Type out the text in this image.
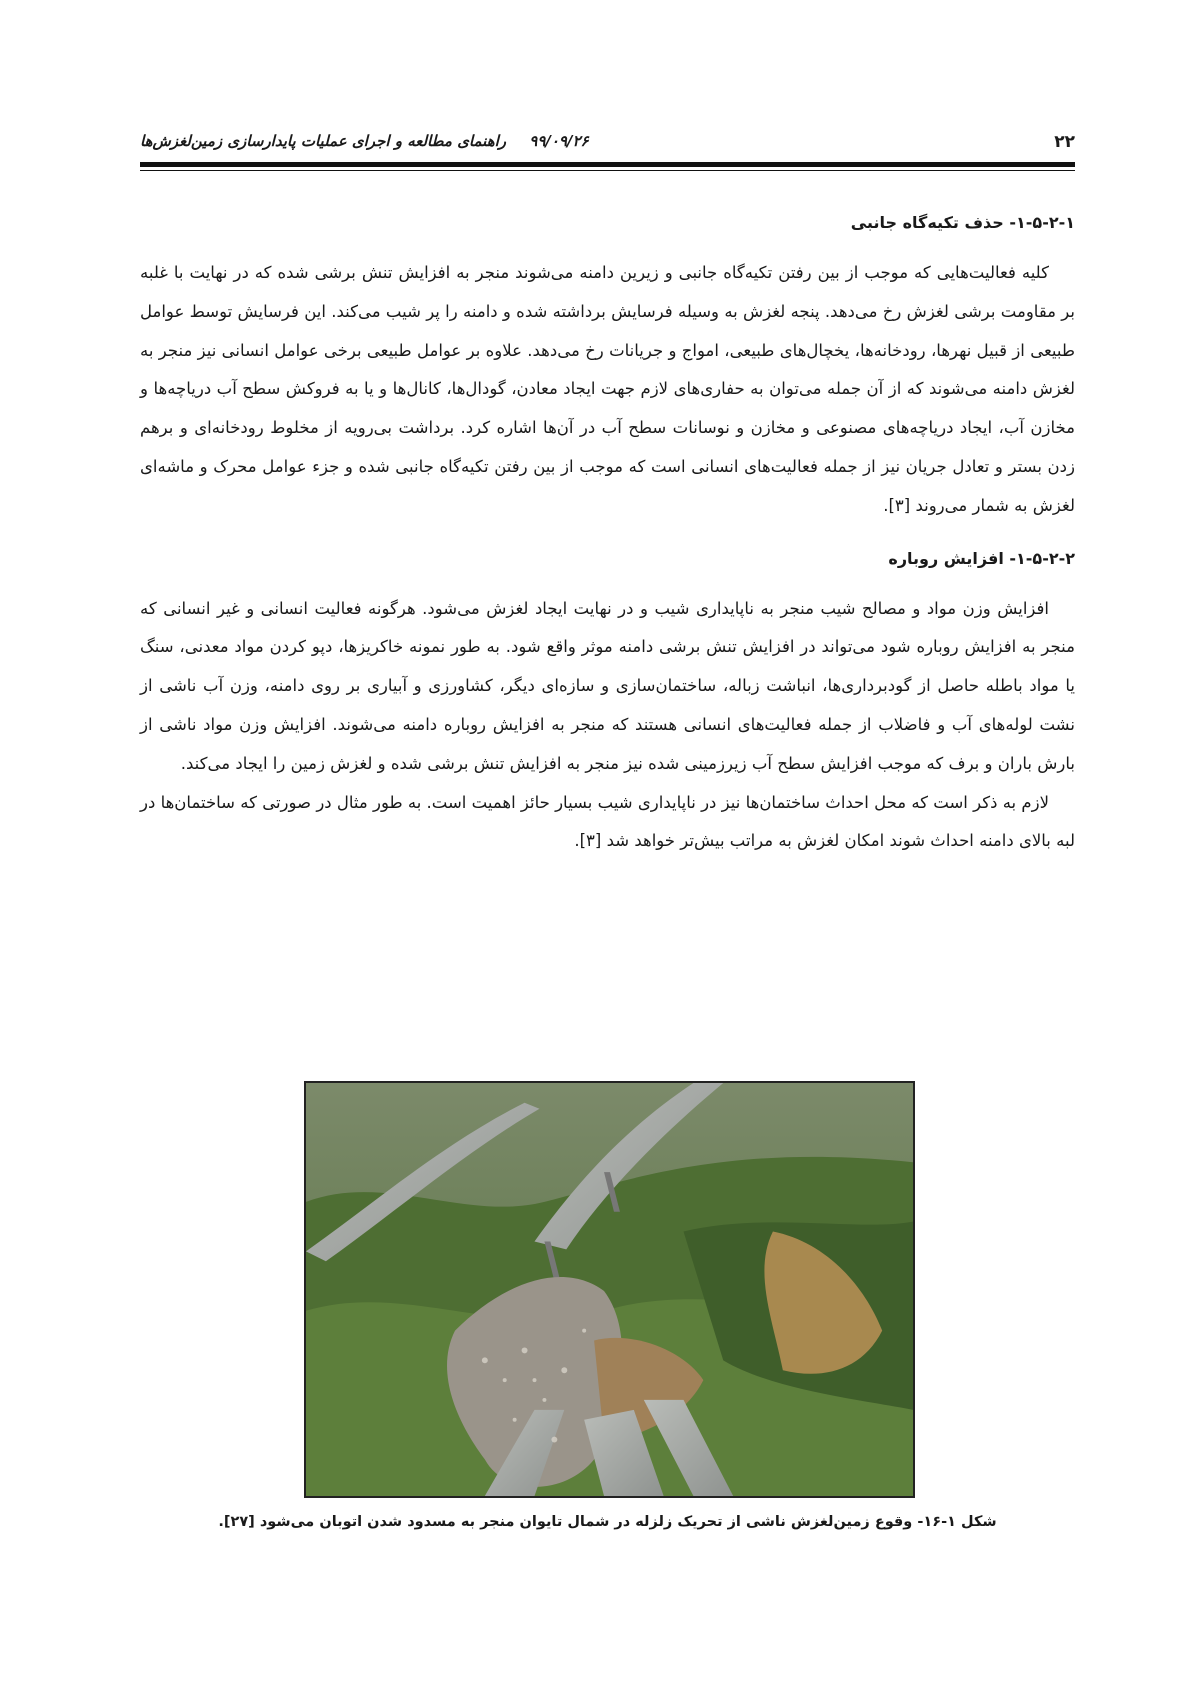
۲۲
۹۹/۰۹/۲۶ راهنمای مطالعه و اجرای عملیات پایدارسازی زمین‌لغزش‌ها
۱-۵-۲-۱- حذف تکیه‌گاه جانبی

کلیه فعالیت‌هایی که موجب از بین رفتن تکیه‌گاه جانبی و زیرین دامنه می‌شوند منجر به افزایش تنش برشی شده که در نهایت با غلبه بر مقاومت برشی لغزش رخ می‌دهد. پنجه لغزش به وسیله فرسایش برداشته شده و دامنه را پر شیب می‌کند. این فرسایش توسط عوامل طبیعی از قبیل نهرها، رودخانه‌ها، یخچال‌های طبیعی، امواج و جریانات رخ می‌دهد. علاوه بر عوامل طبیعی برخی عوامل انسانی نیز منجر به لغزش دامنه می‌شوند که از آن جمله می‌توان به حفاری‌های لازم جهت ایجاد معادن، گودال‌ها، کانال‌ها و یا به فروکش سطح آب دریاچه‌ها و مخازن آب، ایجاد دریاچه‌های مصنوعی و مخازن و نوسانات سطح آب در آن‌ها اشاره کرد. برداشت بی‌رویه از مخلوط رودخانه‌ای و برهم زدن بستر و تعادل جریان نیز از جمله فعالیت‌های انسانی است که موجب از بین رفتن تکیه‌گاه جانبی شده و جزء عوامل محرک و ماشه‌ای لغزش به شمار می‌روند [۳].

۱-۵-۲-۲- افزایش روباره

افزایش وزن مواد و مصالح شیب منجر به ناپایداری شیب و در نهایت ایجاد لغزش می‌شود. هرگونه فعالیت انسانی و غیر انسانی که منجر به افزایش روباره شود می‌تواند در افزایش تنش برشی دامنه موثر واقع شود. به طور نمونه خاکریزها، دپو کردن مواد معدنی، سنگ یا مواد باطله حاصل از گودبرداری‌ها، انباشت زباله، ساختمان‌سازی و سازه‌ای دیگر، کشاورزی و آبیاری بر روی دامنه، وزن آب ناشی از نشت لوله‌های آب و فاضلاب از جمله فعالیت‌های انسانی هستند که منجر به افزایش روباره دامنه می‌شوند. افزایش وزن مواد ناشی از بارش باران و برف که موجب افزایش سطح آب زیرزمینی شده نیز منجر به افزایش تنش برشی شده و لغزش زمین را ایجاد می‌کند.

لازم به ذکر است که محل احداث ساختمان‌ها نیز در ناپایداری شیب بسیار حائز اهمیت است. به طور مثال در صورتی که ساختمان‌ها در لبه بالای دامنه احداث شوند امکان لغزش به مراتب بیش‌تر خواهد شد [۳].

شکل ۱-۱۶- وقوع زمین‌لغزش ناشی از تحریک زلزله در شمال تایوان منجر به مسدود شدن اتوبان می‌شود [۲۷].
